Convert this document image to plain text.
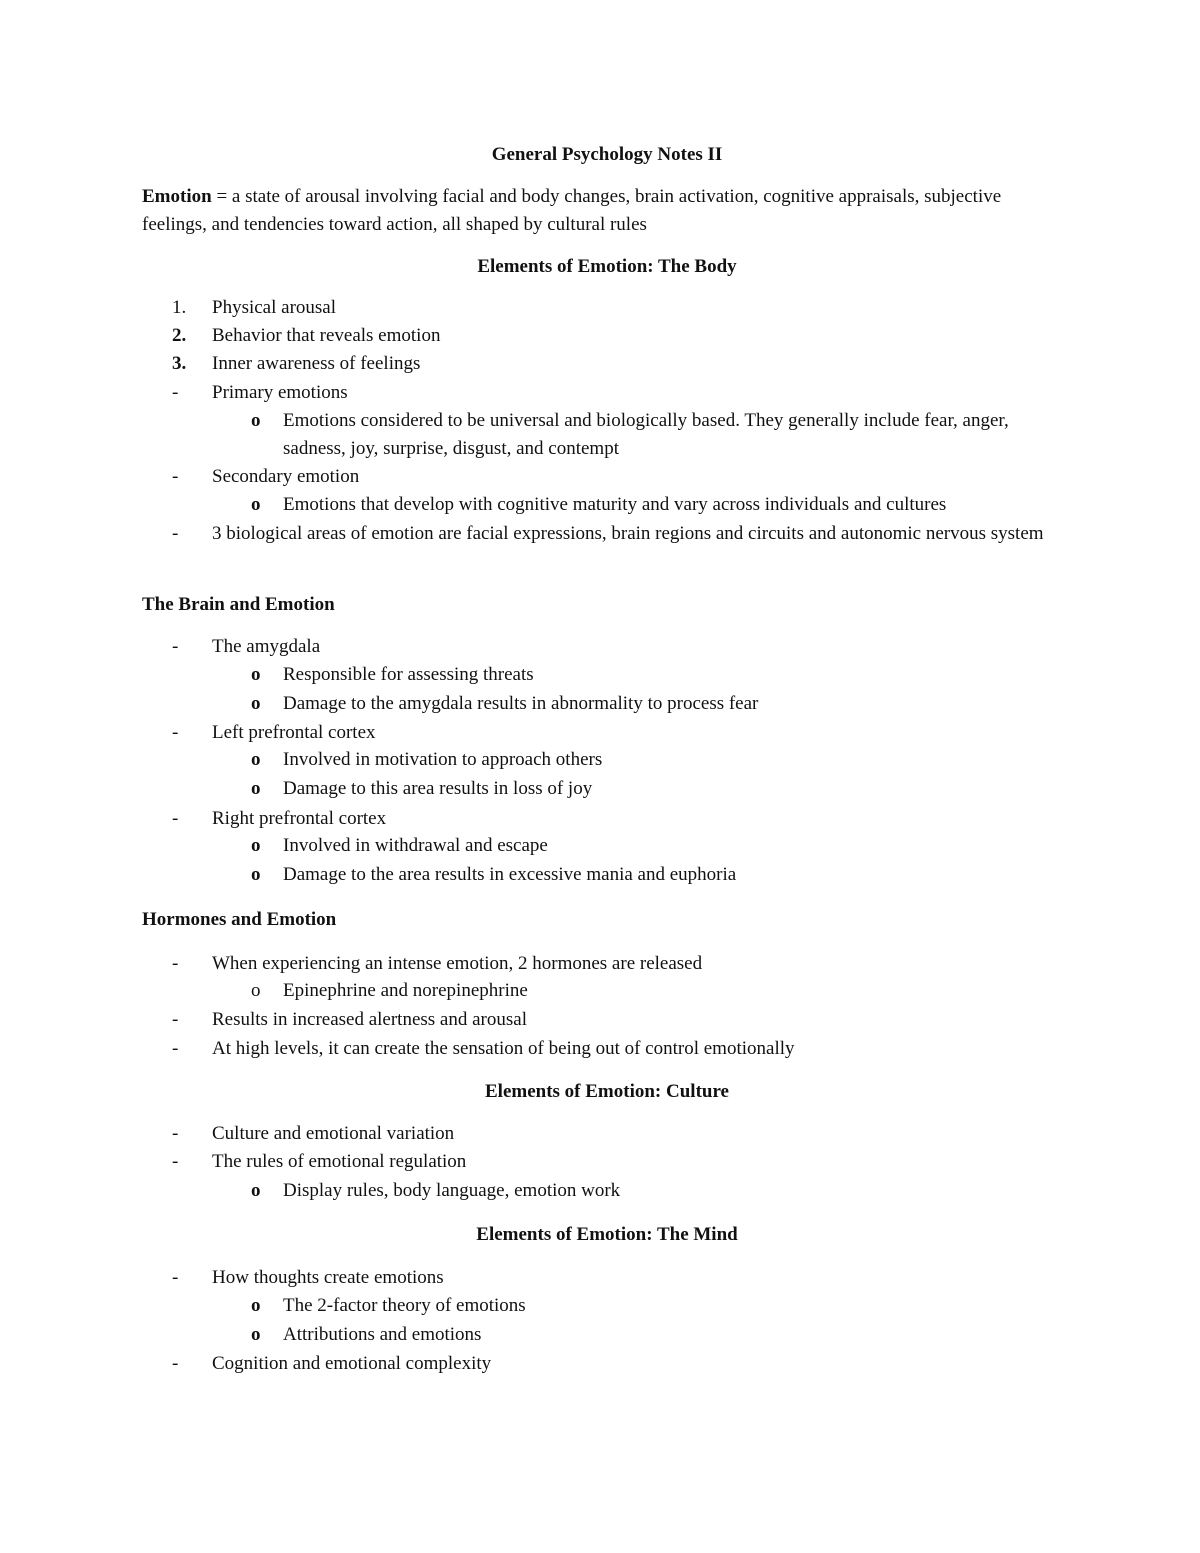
General Psychology Notes II
Emotion = a state of arousal involving facial and body changes, brain activation, cognitive appraisals, subjective feelings, and tendencies toward action, all shaped by cultural rules
Elements of Emotion: The Body
1.	Physical arousal
2.	Behavior that reveals emotion
3.	Inner awareness of feelings
-	Primary emotions
o	Emotions considered to be universal and biologically based. They generally include fear, anger, sadness, joy, surprise, disgust, and contempt
-	Secondary emotion
o	Emotions that develop with cognitive maturity and vary across individuals and cultures
-	3 biological areas of emotion are facial expressions, brain regions and circuits and autonomic nervous system
The Brain and Emotion
-	The amygdala
o	Responsible for assessing threats
o	Damage to the amygdala results in abnormality to process fear
-	Left prefrontal cortex
o	Involved in motivation to approach others
o	Damage to this area results in loss of joy
-	Right prefrontal cortex
o	Involved in withdrawal and escape
o	Damage to the area results in excessive mania and euphoria
Hormones and Emotion
-	When experiencing an intense emotion, 2 hormones are released
o	Epinephrine and norepinephrine
-	Results in increased alertness and arousal
-	At high levels, it can create the sensation of being out of control emotionally
Elements of Emotion: Culture
-	Culture and emotional variation
-	The rules of emotional regulation
o	Display rules, body language, emotion work
Elements of Emotion: The Mind
-	How thoughts create emotions
o	The 2-factor theory of emotions
o	Attributions and emotions
-	Cognition and emotional complexity
